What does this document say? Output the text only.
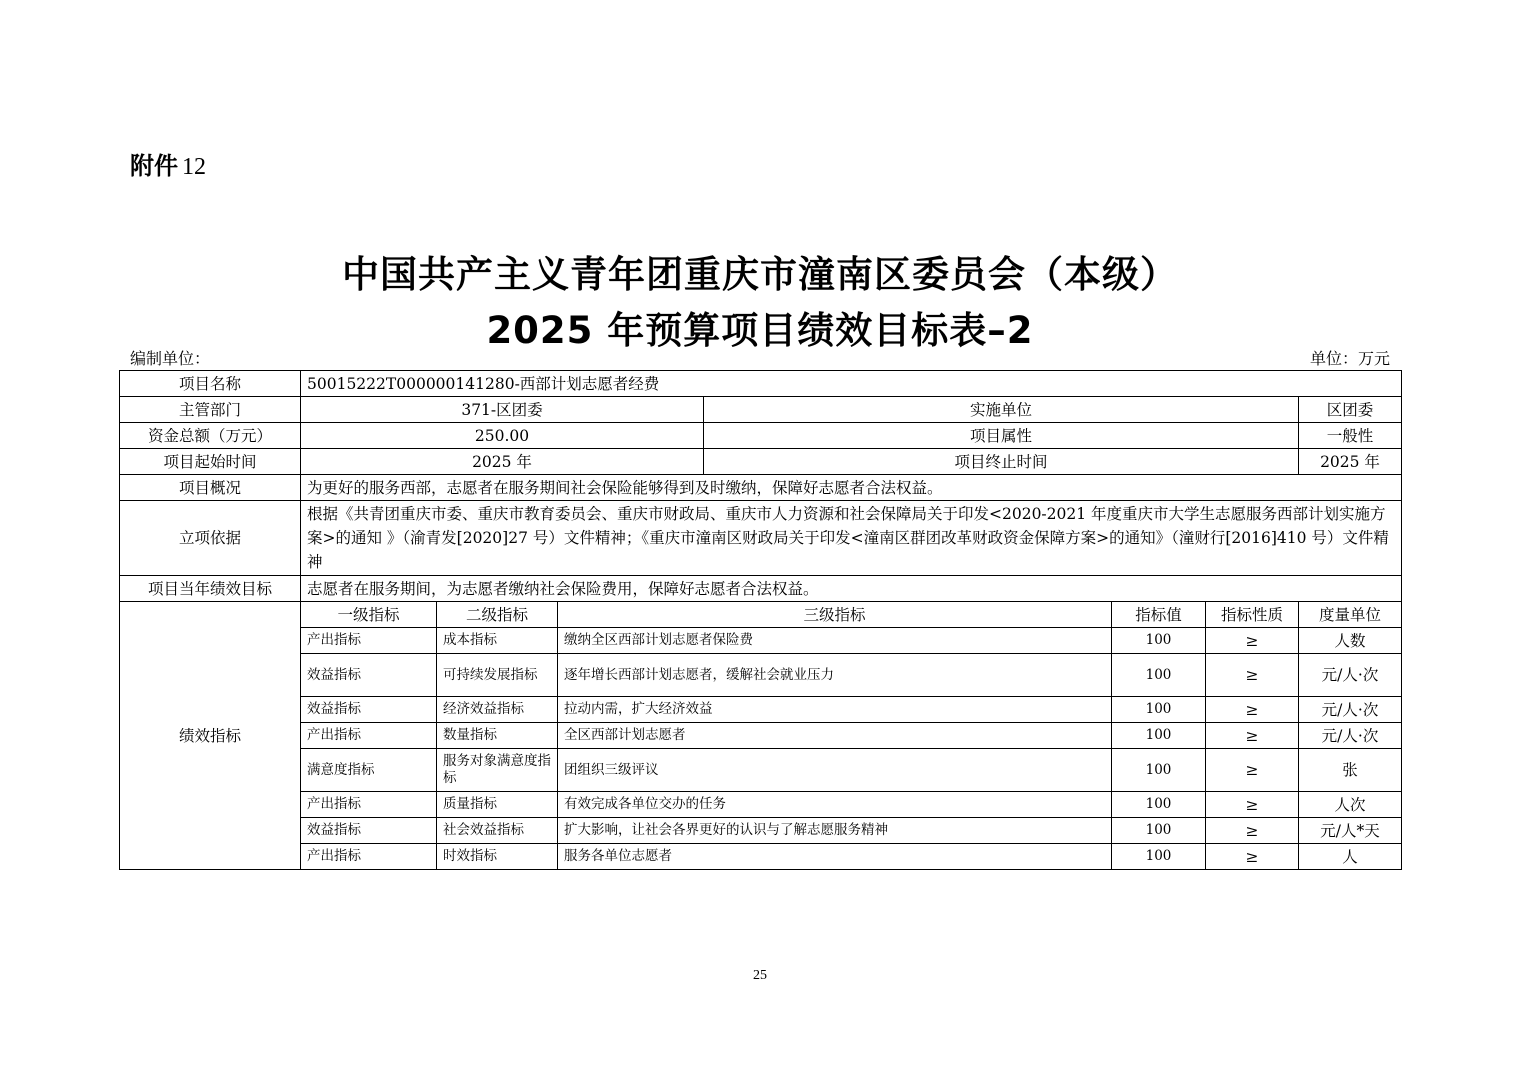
附件 12
中国共产主义青年团重庆市潼南区委员会（本级）
2025 年预算项目绩效目标表–2
编制单位：	单位：万元
项目名称	50015222T000000141280-西部计划志愿者经费						
主管部门	371-区团委			实施单位			区团委
资金总额（万元）	250.00			项目属性			一般性
项目起始时间	2025 年			项目终止时间			2025 年
项目概况	为更好的服务西部，志愿者在服务期间社会保险能够得到及时缴纳，保障好志愿者合法权益。						
立项依据	根据《共青团重庆市委、重庆市教育委员会、重庆市财政局、重庆市人力资源和社会保障局关于印发<2020-2021 年度重庆市大学生志愿服务西部计划实施方案>的通知 》（渝青发[2020]27 号）文件精神；《重庆市潼南区财政局关于印发<潼南区群团改革财政资金保障方案>的通知》（潼财行[2016]410 号）文件精神						
项目当年绩效目标	志愿者在服务期间，为志愿者缴纳社会保险费用，保障好志愿者合法权益。						
绩效指标	一级指标	二级指标	三级指标		指标值	指标性质	度量单位
	产出指标	成本指标	缴纳全区西部计划志愿者保险费		100	≥	人数
	效益指标	可持续发展指标	逐年增长西部计划志愿者，缓解社会就业压力		100	≥	元/人·次
	效益指标	经济效益指标	拉动内需，扩大经济效益		100	≥	元/人·次
	产出指标	数量指标	全区西部计划志愿者		100	≥	元/人·次
	满意度指标	服务对象满意度指标	团组织三级评议		100	≥	张
	产出指标	质量指标	有效完成各单位交办的任务		100	≥	人次
	效益指标	社会效益指标	扩大影响，让社会各界更好的认识与了解志愿服务精神		100	≥	元/人*天
	产出指标	时效指标	服务各单位志愿者		100	≥	人
25
